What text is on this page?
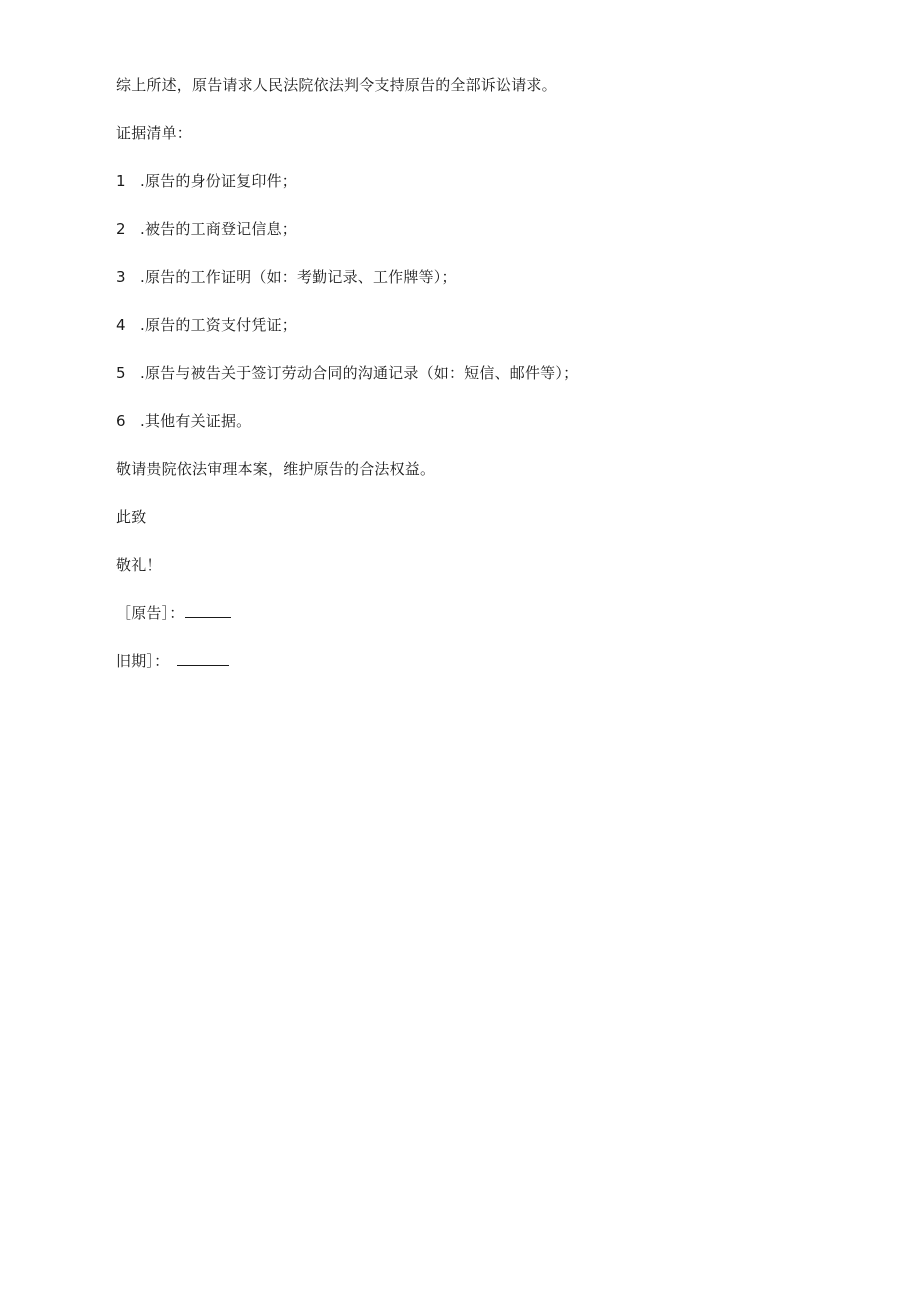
综上所述，原告请求人民法院依法判令支持原告的全部诉讼请求。
证据清单：
1 .原告的身份证复印件；
2 .被告的工商登记信息；
3 .原告的工作证明（如：考勤记录、工作牌等）；
4 .原告的工资支付凭证；
5 .原告与被告关于签订劳动合同的沟通记录（如：短信、邮件等）；
6 .其他有关证据。
敬请贵院依法审理本案，维护原告的合法权益。
此致
敬礼！
［原告］：
旧期］：
